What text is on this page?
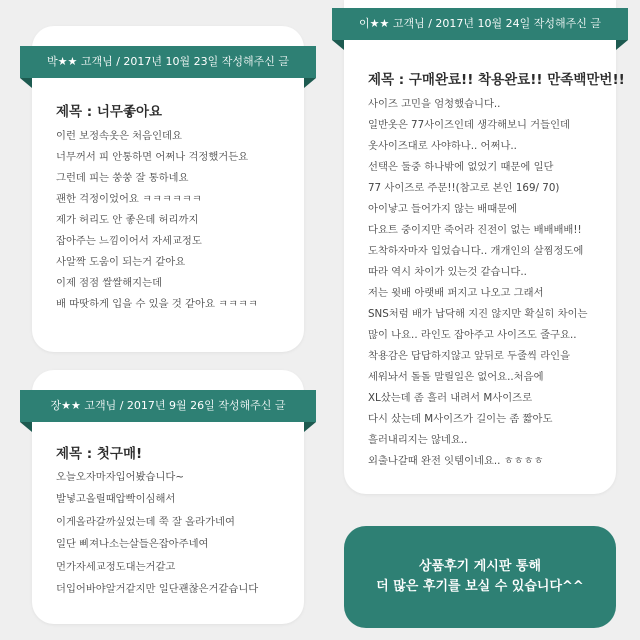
박★★ 고객님 / 2017년 10월 23일 작성해주신 글
제목 : 너무좋아요
이런 보정속옷은 처음인데요
너무꺼서 피 안통하면 어쩌나 걱정했거든요
그런데 피는 쑹쑹 잘 통하네요
괜한 걱정이었어요 ㅋㅋㅋㅋㅋㅋ
제가 허리도 안 좋은데 허리까지
잡아주는 느낌이어서 자세교정도
사알짝 도움이 되는거 같아요
이제 점점 쌀쌀해지는데
배 따땃하게 입을 수 있을 것 같아요 ㅋㅋㅋㅋ
장★★ 고객님 / 2017년 9월 26일 작성해주신 글
제목 : 첫구매!
오늘오자마자입어봤습니다~
발넣고올릴때압빡이심해서
이게올라갈까싶었는데 쭉 잘 올라가네여
일단 삐져나소는살들은잡아주네여
먼가자세교정도대는거같고
더입어바야알거같지만 일단괜찮은거같습니다
이★★ 고객님 / 2017년 10월 24일 작성해주신 글
제목 : 구매완료!! 착용완료!! 만족백만번!!
사이즈 고민을 엄청했습니다..
일반옷은 77사이즈인데 생각해보니 거들인데
옷사이즈대로 사야하나.. 어쩌나..
선택은 둘중 하나밖에 없었기 때문에 일단
77 사이즈로 주문!!(참고로 본인 169/ 70)
아이낳고 들어가지 않는 배때문에
다요트 중이지만 죽어라 진전이 없는 배배배배!!
도착하자마자 입었습니다.. 개개인의 살찜정도에
따라 역시 차이가 있는것 같습니다..
저는 윗배 아랫배 퍼지고 나오고 그래서
SNS처럼 배가 납닥해 지진 않지만 확실히 차이는
많이 나요.. 라인도 잡아주고 사이즈도 줄구요..
착용감은 답답하지않고 앞뒤로 두줄씩 라인을
세워놔서 돌돌 말릴일은 없어요..처음에
XL샀는데 좀 흘러 내려서 M사이즈로
다시 샀는데 M사이즈가 길이는 좀 짧아도
흘러내리지는 않네요..
외출나갈때 완전 잇템이네요.. ㅎㅎㅎㅎ
상품후기 게시판 통해
더 많은 후기를 보실 수 있습니다^^
